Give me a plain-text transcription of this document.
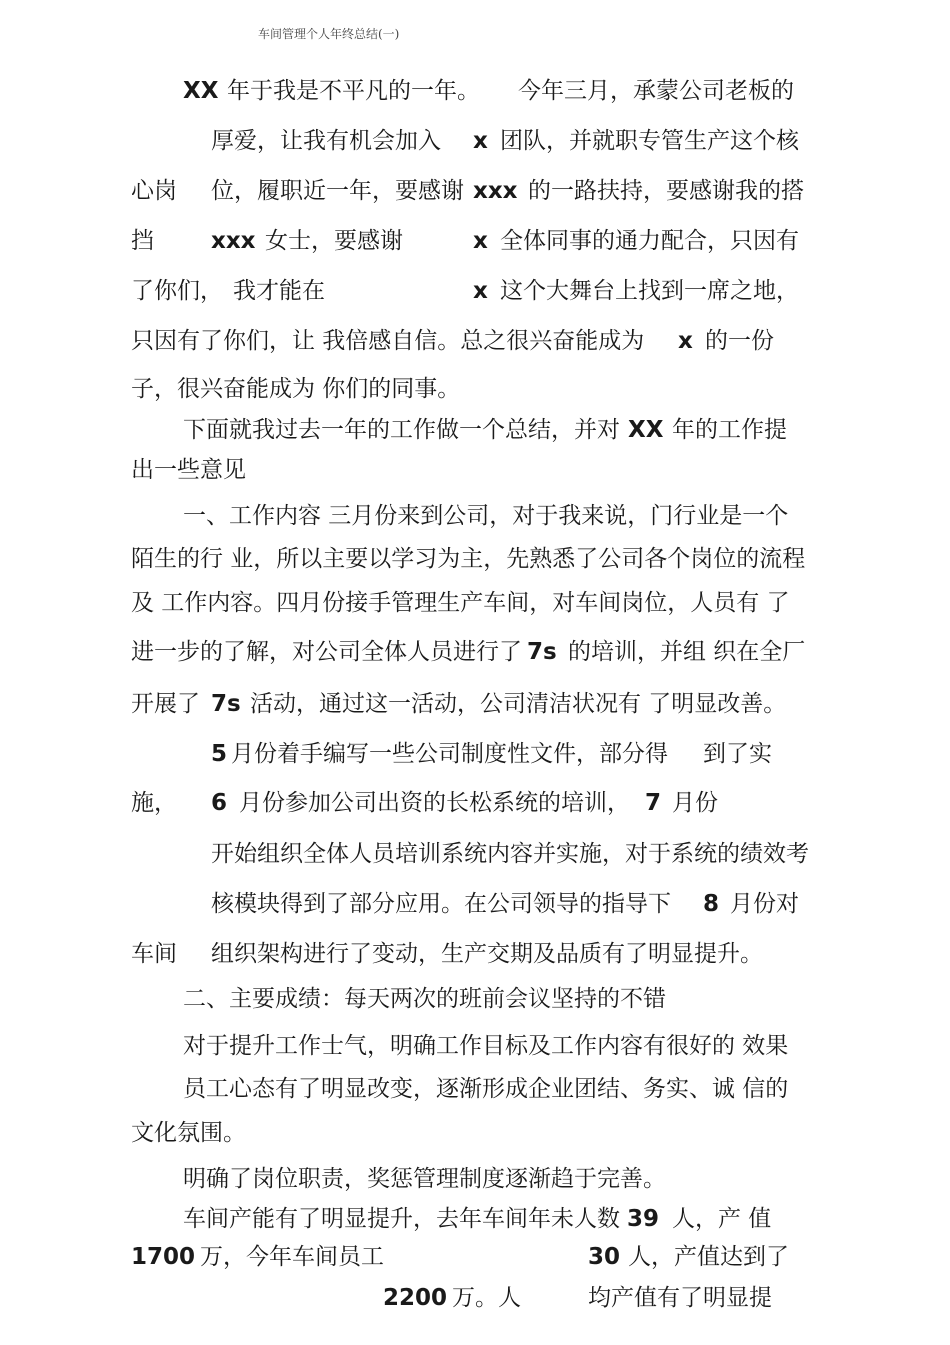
车间管理个人年终总结(一)
XX 年于我是不平凡的一年。 今年三月，承蒙公司老板的
厚爱，让我有机会加入 x 团队，并就职专管生产这个核
心岗 位，履职近一年，要感谢 xxx 的一路扶持，要感谢我的搭
挡 xxx 女士，要感谢	x 全体同事的通力配合，只因有
了你们， 我才能在	x 这个大舞台上找到一席之地，
只因有了你们，让 我倍感自信。总之很兴奋能成为 x 的一份
子，很兴奋能成为 你们的同事。
下面就我过去一年的工作做一个总结，并对 XX 年的工作提
出一些意见
一、工作内容 三月份来到公司，对于我来说，门行业是一个
陌生的行 业，所以主要以学习为主，先熟悉了公司各个岗位的流程
及 工作内容。四月份接手管理生产车间，对车间岗位，人员有 了
进一步的了解，对公司全体人员进行了 7s 的培训，并组 织在全厂
开展了 7s 活动，通过这一活动，公司清洁状况有 了明显改善。
5 月份着手编写一些公司制度性文件，部分得 到了实
施， 6 月份参加公司出资的长松系统的培训， 7 月份
开始组织全体人员培训系统内容并实施，对于系统的绩效考
核模块得到了部分应用。在公司领导的指导下 8 月份对
车间 组织架构进行了变动，生产交期及品质有了明显提升。
二、主要成绩：每天两次的班前会议坚持的不错
对于提升工作士气，明确工作目标及工作内容有很好的 效果
员工心态有了明显改变，逐渐形成企业团结、务实、诚 信的
文化氛围。
明确了岗位职责，奖惩管理制度逐渐趋于完善。
车间产能有了明显提升，去年车间年未人数 39 人，产 值
1700 万，今年车间员工	30 人，产值达到了
2200 万。人	均产值有了明显提
